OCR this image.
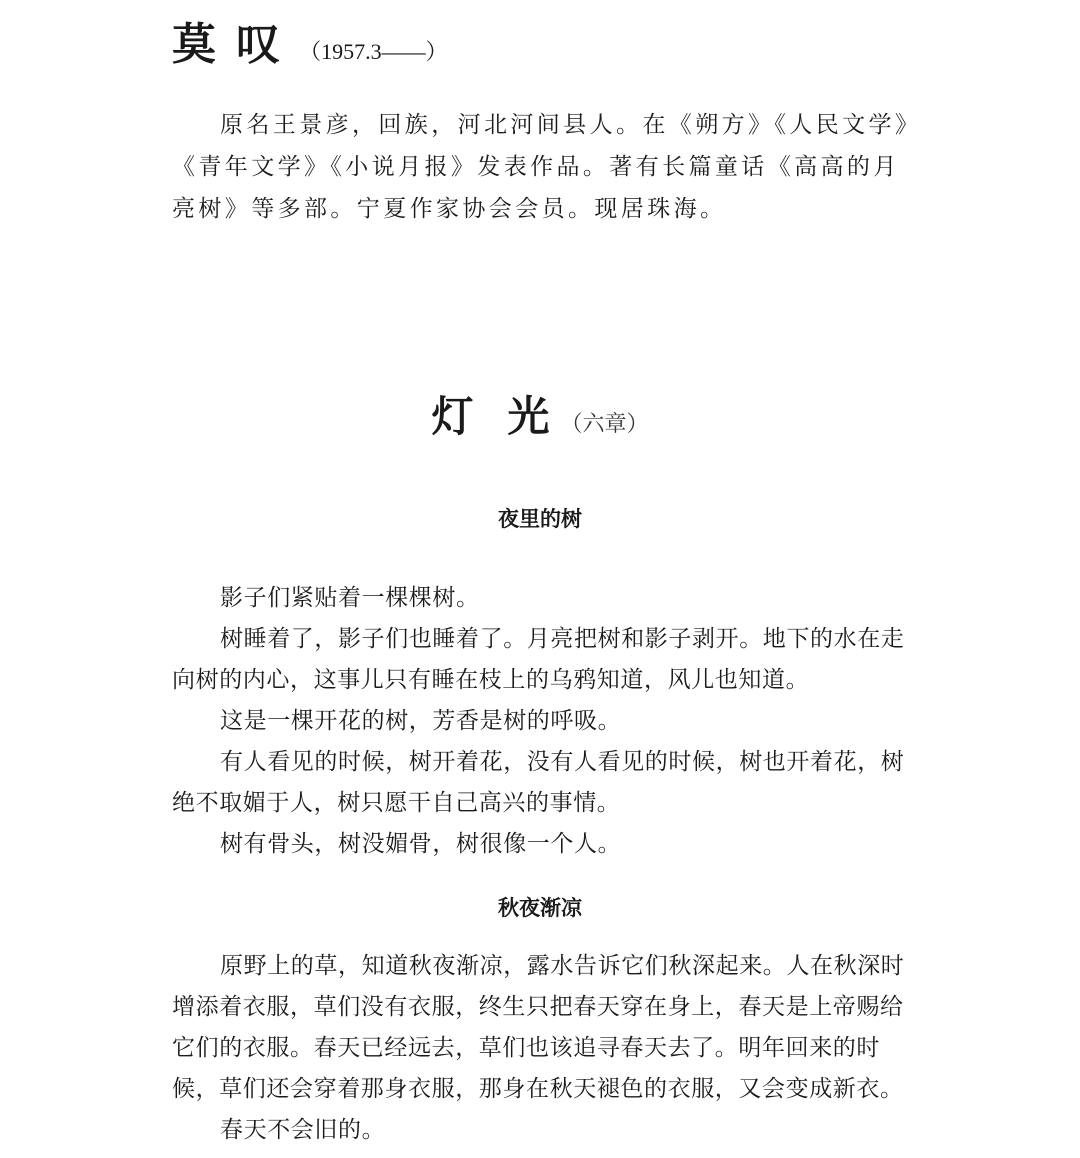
莫叹 （1957.3——）

原名王景彦，回族，河北河间县人。在《朔方》《人民文学》《青年文学》《小说月报》发表作品。著有长篇童话《高高的月亮树》等多部。宁夏作家协会会员。现居珠海。

灯光 （六章）
夜里的树

影子们紧贴着一棵棵树。

树睡着了，影子们也睡着了。月亮把树和影子剥开。地下的水在走向树的内心，这事儿只有睡在枝上的乌鸦知道，风儿也知道。

这是一棵开花的树，芳香是树的呼吸。

有人看见的时候，树开着花，没有人看见的时候，树也开着花，树绝不取媚于人，树只愿干自己高兴的事情。

树有骨头，树没媚骨，树很像一个人。

秋夜渐凉

原野上的草，知道秋夜渐凉，露水告诉它们秋深起来。人在秋深时增添着衣服，草们没有衣服，终生只把春天穿在身上，春天是上帝赐给它们的衣服。春天已经远去，草们也该追寻春天去了。明年回来的时候，草们还会穿着那身衣服，那身在秋天褪色的衣服，又会变成新衣。

春天不会旧的。
